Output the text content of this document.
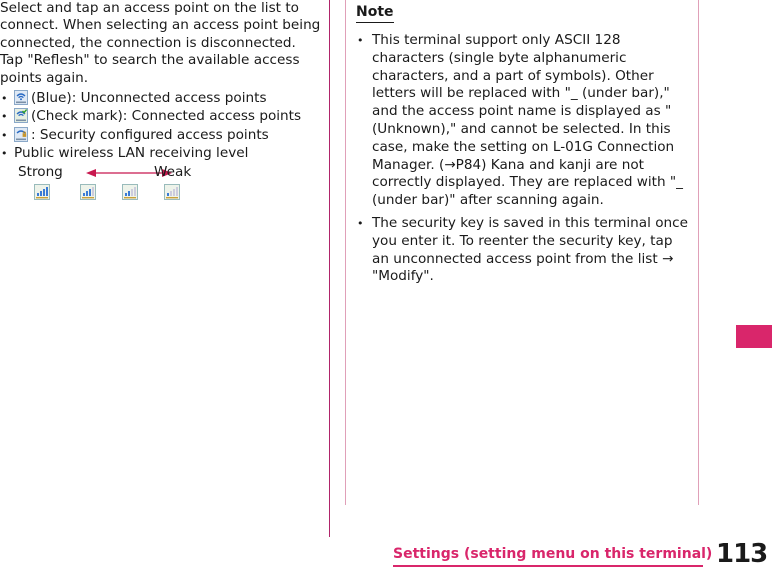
Select and tap an access point on the list to connect. When selecting an access point being connected, the connection is disconnected.

Tap "Reflesh" to search the available access points again.

• (Blue): Unconnected access points
• (Check mark): Connected access points
• : Security configured access points
• Public wireless LAN receiving level
Strong	Weak
Note
• This terminal support only ASCII 128 characters (single byte alphanumeric characters, and a part of symbols). Other letters will be replaced with "_ (under bar)," and the access point name is displayed as "(Unknown)," and cannot be selected. In this case, make the setting on L-01G Connection Manager. (→P84) Kana and kanji are not correctly displayed. They are replaced with "_ (under bar)" after scanning again.
• The security key is saved in this terminal once you enter it. To reenter the security key, tap an unconnected access point from the list → "Modify".
Settings (setting menu on this terminal) 113
